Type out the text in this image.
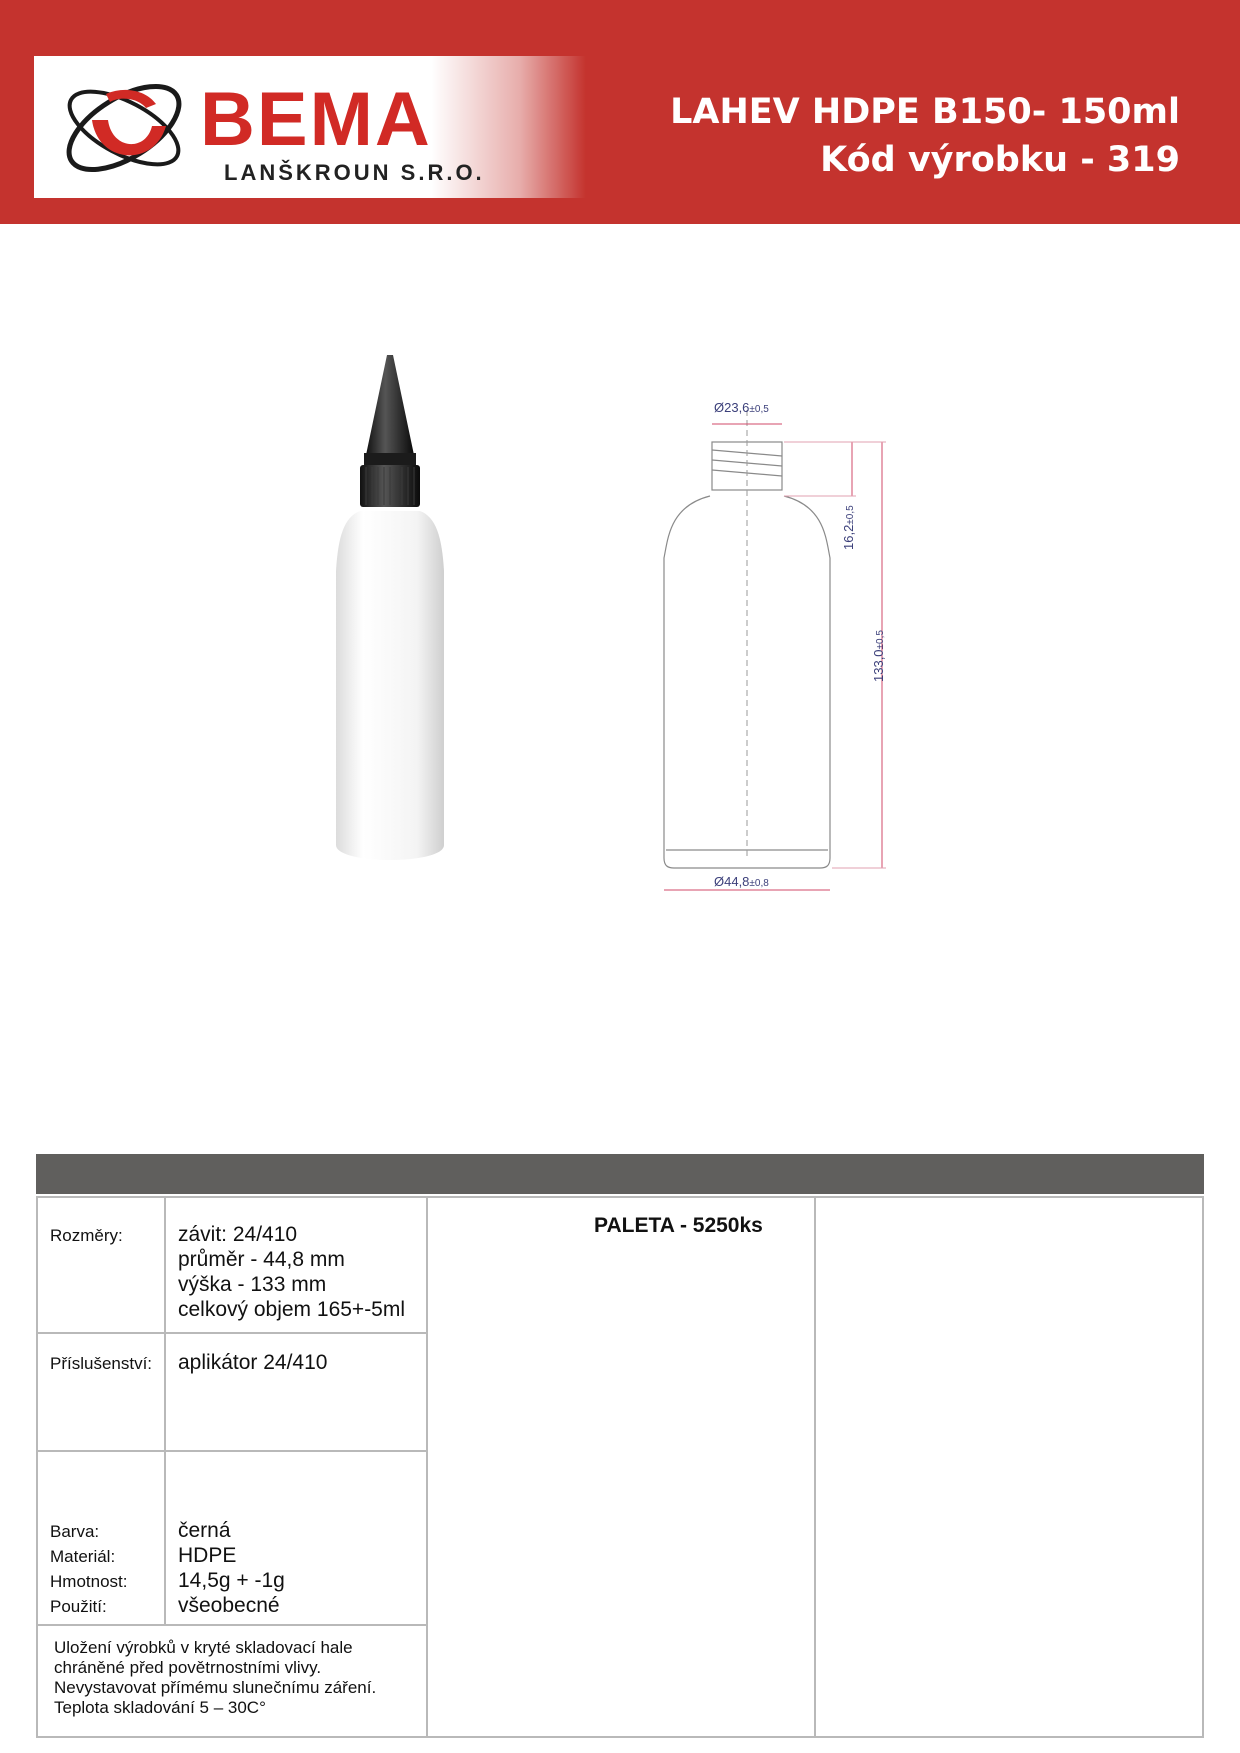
BEMA
LANŠKROUN S.R.O.
LAHEV HDPE B150- 150ml
Kód výrobku - 319
Ø23,6±0,5
Ø44,8±0,8
16,2±0,5
133,0±0,5
Rozměry:	závit: 24/410
průměr - 44,8 mm
výška - 133 mm
celkový objem 165+-5ml
Příslušenství: aplikátor 24/410
Barva:
Materiál:
Hmotnost:
Použití:
černá
HDPE
14,5g + -1g
všeobecné
Uložení výrobků v kryté skladovací hale
chráněné před povětrnostními vlivy.
Nevystavovat přímému slunečnímu záření.
Teplota skladování 5 – 30C°
PALETA - 5250ks
